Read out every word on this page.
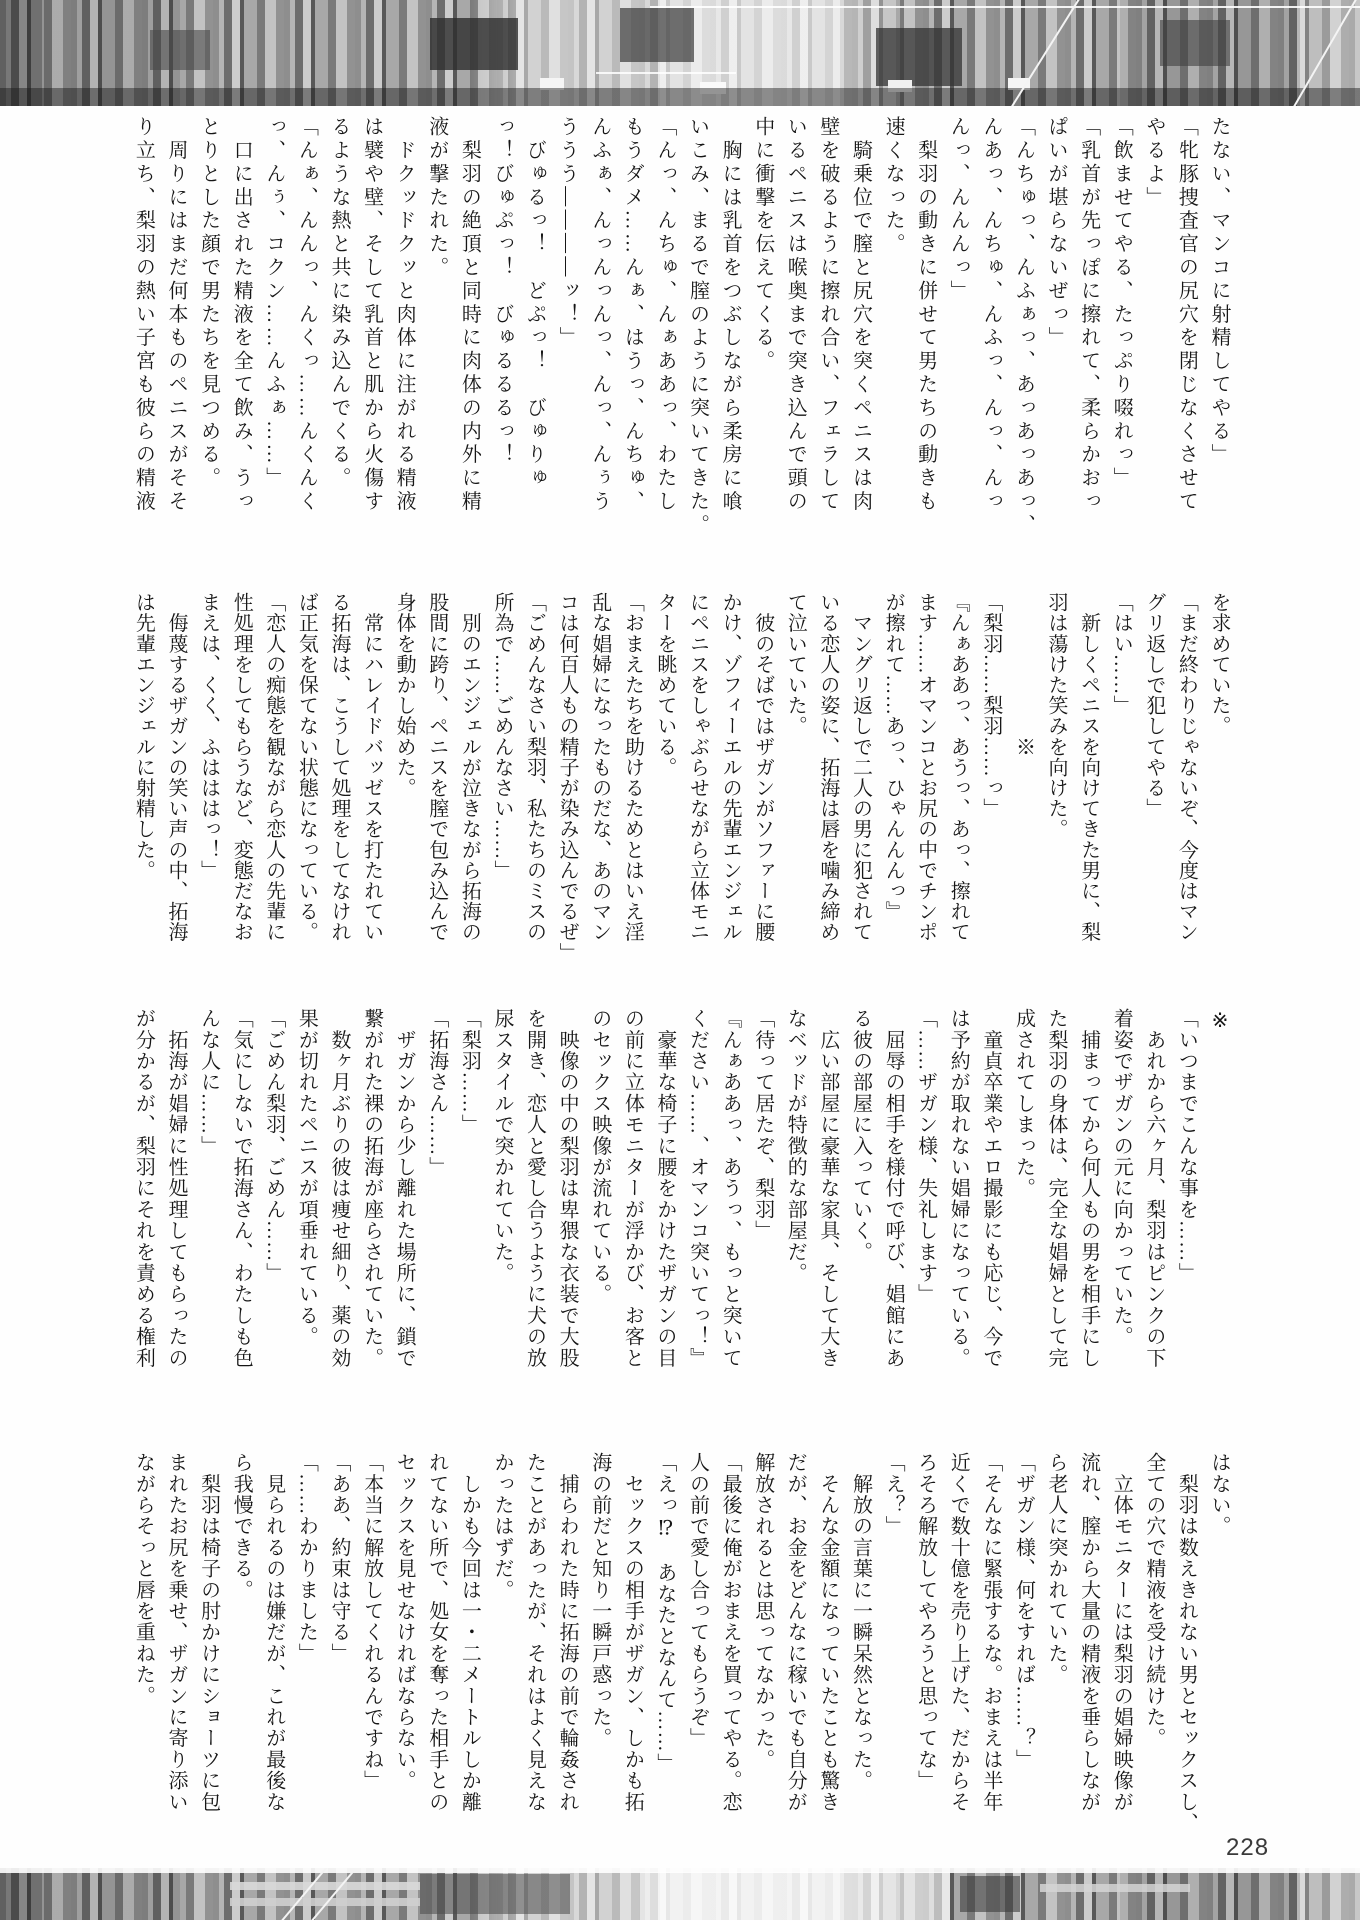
たない、マンコに射精してやる」
「牝豚捜査官の尻穴を閉じなくさせて
やるよ」
「飲ませてやる、たっぷり啜れっ」
「乳首が先っぽに擦れて、柔らかおっ
ぱいが堪らないぜっ」
「んちゅっ、んふぁっ、あっあっあっ、
んあっ、んちゅ、んふっ、んっ、んっ
んっ、んんんっ」
　梨羽の動きに併せて男たちの動きも
速くなった。
　騎乗位で膣と尻穴を突くペニスは肉
壁を破るように擦れ合い、フェラして
いるペニスは喉奥まで突き込んで頭の
中に衝撃を伝えてくる。
　胸には乳首をつぶしながら柔房に喰
いこみ、まるで膣のように突いてきた。
「んっ、んちゅ、んぁああっ、わたし
もうダメ……んぁ、はうっ、んちゅ、
んふぁ、んっんっんっ、んっ、んぅう
ううう――――ッ！」
　びゅるっ！　どぷっ！　びゅりゅ
っ！びゅぷっ！　びゅるるるっ！
　梨羽の絶頂と同時に肉体の内外に精
液が撃たれた。
　ドクッドクッと肉体に注がれる精液
は襞や壁、そして乳首と肌から火傷す
るような熱と共に染み込んでくる。
「んぁ、んんっ、んくっ……んくんく
っ、んぅ、コクン……んふぁ……」
　口に出された精液を全て飲み、うっ
とりとした顔で男たちを見つめる。
　周りにはまだ何本ものペニスがそそ
り立ち、梨羽の熱い子宮も彼らの精液
を求めていた。
「まだ終わりじゃないぞ、今度はマン
グリ返しで犯してやる」
「はい……」
　新しくペニスを向けてきた男に、梨
羽は蕩けた笑みを向けた。
　　　　　　　※
「梨羽……梨羽……っ」
『んぁああっ、あうっ、あっ、擦れて
ます……オマンコとお尻の中でチンポ
が擦れて……あっ、ひゃんんんっ』
　マングリ返しで二人の男に犯されて
いる恋人の姿に、拓海は唇を噛み締め
て泣いていた。
　彼のそばではザガンがソファーに腰
かけ、ゾフィーエルの先輩エンジェル
にペニスをしゃぶらせながら立体モニ
ターを眺めている。
「おまえたちを助けるためとはいえ淫
乱な娼婦になったものだな、あのマン
コは何百人もの精子が染み込んでるぜ」
「ごめんなさい梨羽、私たちのミスの
所為で……ごめんなさい……」
　別のエンジェルが泣きながら拓海の
股間に跨り、ペニスを膣で包み込んで
身体を動かし始めた。
　常にハレイドバッゼスを打たれてい
る拓海は、こうして処理をしてなけれ
ば正気を保てない状態になっている。
「恋人の痴態を観ながら恋人の先輩に
性処理をしてもらうなど、変態だなお
まえは、くく、ふはははっ！」
　侮蔑するザガンの笑い声の中、拓海
は先輩エンジェルに射精した。
※
「いつまでこんな事を……」
　あれから六ヶ月、梨羽はピンクの下
着姿でザガンの元に向かっていた。
　捕まってから何人もの男を相手にし
た梨羽の身体は、完全な娼婦として完
成されてしまった。
　童貞卒業やエロ撮影にも応じ、今で
は予約が取れない娼婦になっている。
「……ザガン様、失礼します」
　屈辱の相手を様付で呼び、娼館にあ
る彼の部屋に入っていく。
　広い部屋に豪華な家具、そして大き
なベッドが特徴的な部屋だ。
「待って居たぞ、梨羽」
『んぁああっ、あうっ、もっと突いて
ください……、オマンコ突いてっ！』
　豪華な椅子に腰をかけたザガンの目
の前に立体モニターが浮かび、お客と
のセックス映像が流れている。
　映像の中の梨羽は卑猥な衣装で大股
を開き、恋人と愛し合うように犬の放
尿スタイルで突かれていた。
「梨羽……」
「拓海さん……」
　ザガンから少し離れた場所に、鎖で
繋がれた裸の拓海が座らされていた。
　数ヶ月ぶりの彼は痩せ細り、薬の効
果が切れたペニスが項垂れている。
「ごめん梨羽、ごめん……」
「気にしないで拓海さん、わたしも色
んな人に……」
　拓海が娼婦に性処理してもらったの
が分かるが、梨羽にそれを責める権利
はない。
　梨羽は数えきれない男とセックスし、
全ての穴で精液を受け続けた。
　立体モニターには梨羽の娼婦映像が
流れ、膣から大量の精液を垂らしなが
ら老人に突かれていた。
「ザガン様、何をすれば……？」
「そんなに緊張するな。おまえは半年
近くで数十億を売り上げた、だからそ
ろそろ解放してやろうと思ってな」
「え？」
　解放の言葉に一瞬呆然となった。
　そんな金額になっていたことも驚き
だが、お金をどんなに稼いでも自分が
解放されるとは思ってなかった。
「最後に俺がおまえを買ってやる。恋
人の前で愛し合ってもらうぞ」
「えっ⁉　あなたとなんて……」
　セックスの相手がザガン、しかも拓
海の前だと知り一瞬戸惑った。
　捕らわれた時に拓海の前で輪姦され
たことがあったが、それはよく見えな
かったはずだ。
　しかも今回は一・二メートルしか離
れてない所で、処女を奪った相手との
セックスを見せなければならない。
「本当に解放してくれるんですね」
「ああ、約束は守る」
「……わかりました」
　見られるのは嫌だが、これが最後な
ら我慢できる。
　梨羽は椅子の肘かけにショーツに包
まれたお尻を乗せ、ザガンに寄り添い
ながらそっと唇を重ねた。
228
